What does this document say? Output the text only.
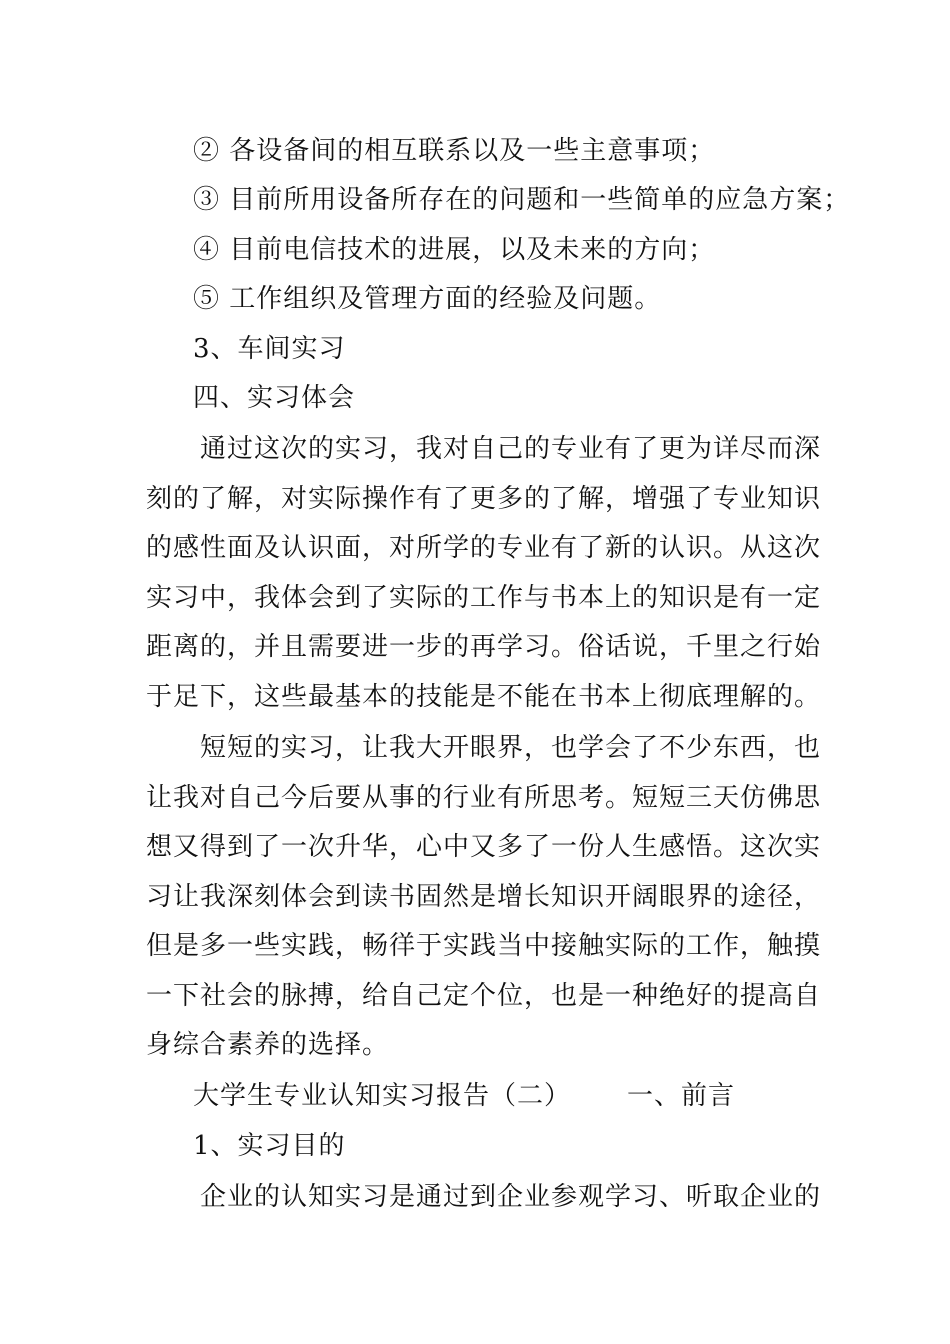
② 各设备间的相互联系以及一些主意事项；
③ 目前所用设备所存在的问题和一些简单的应急方案；
④ 目前电信技术的进展，以及未来的方向；
⑤ 工作组织及管理方面的经验及问题。
3、车间实习
四、实习体会
通过这次的实习，我对自己的专业有了更为详尽而深
刻的了解，对实际操作有了更多的了解，增强了专业知识
的感性面及认识面，对所学的专业有了新的认识。从这次
实习中，我体会到了实际的工作与书本上的知识是有一定
距离的，并且需要进一步的再学习。俗话说，千里之行始
于足下，这些最基本的技能是不能在书本上彻底理解的。
短短的实习，让我大开眼界，也学会了不少东西，也
让我对自己今后要从事的行业有所思考。短短三天仿佛思
想又得到了一次升华，心中又多了一份人生感悟。这次实
习让我深刻体会到读书固然是增长知识开阔眼界的途径，
但是多一些实践，畅徉于实践当中接触实际的工作，触摸
一下社会的脉搏，给自己定个位，也是一种绝好的提高自
身综合素养的选择。
大学生专业认知实习报告（二） 一、前言
1、实习目的
企业的认知实习是通过到企业参观学习、听取企业的
